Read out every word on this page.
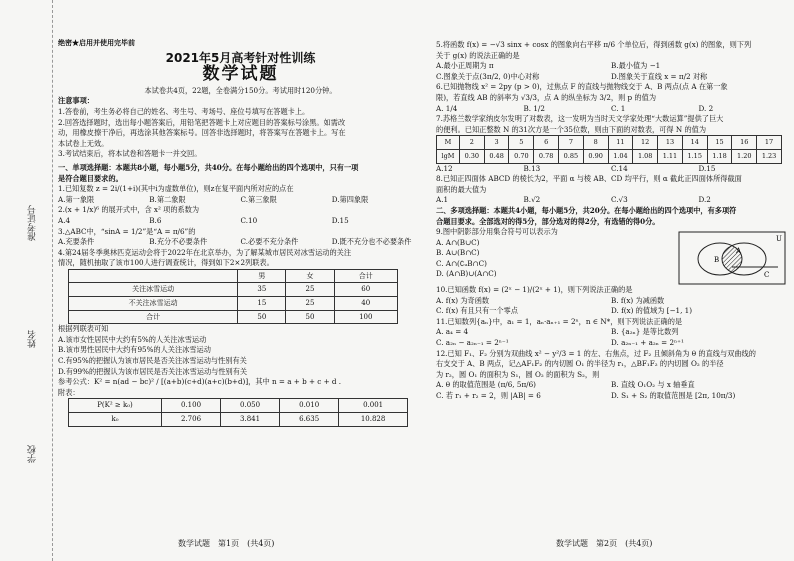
准考证号
姓名
学校

绝密★启用并使用完毕前

2021年5月高考针对性训练

数学试题

本试卷共4页，22题，全卷满分150分。考试用时120分钟。

注意事项：

1.答卷前，考生务必将自己的姓名、考生号、考场号、座位号填写在答题卡上。

2.回答选择题时，选出每小题答案后，用铅笔把答题卡上对应题目的答案标号涂黑。如需改

动，用橡皮擦干净后，再选涂其他答案标号。回答非选择题时，将答案写在答题卡上。写在

本试卷上无效。

3.考试结束后，将本试卷和答题卡一并交回。

一、单项选择题：本题共8小题，每小题5分，共40分。在每小题给出的四个选项中，只有一项

是符合题目要求的。

1.已知复数 z = 2i/(1+i)(其中i为虚数单位)，则z在复平面内所对应的点在

A.第一象限	B.第二象限	C.第三象限	D.第四象限

2.(x + 1/x)⁶ 的展开式中，含 x² 项的系数为

A.4	B.6	C.10	D.15

3.△ABC中，“sinA = 1/2”是“A = π/6”的

A.充要条件	B.充分不必要条件	C.必要不充分条件	D.既不充分也不必要条件

4.第24届冬季奥林匹克运动会将于2022年在北京举办，为了解某城市居民对冰雪运动的关注

情况，随机抽取了该市100人进行调查统计，得到如下2×2列联表。

	男	女	合计
关注冰雪运动	35	25	60
不关注冰雪运动	15	25	40
合计	50	50	100

根据列联表可知

A.该市女性居民中大约有5%的人关注冰雪运动

B.该市男性居民中大约有95%的人关注冰雪运动

C.有95%的把握认为该市居民是否关注冰雪运动与性别有关

D.有99%的把握认为该市居民是否关注冰雪运动与性别有关

参考公式：K² = n(ad − bc)² / [(a+b)(c+d)(a+c)(b+d)]，其中 n = a + b + c + d .

附表：

P(K² ≥ k₀)	0.100	0.050	0.010	0.001
k₀	2.706	3.841	6.635	10.828

5.将函数 f(x) = −√3 sinx + cosx 的图象向右平移 π/6 个单位后，得到函数 g(x) 的图象，则下列

关于 g(x) 的说法正确的是

A.最小正周期为 π	B.最小值为 −1
C.图象关于点(3π/2, 0)中心对称	D.图象关于直线 x = π/2 对称

6.已知抛物线 x² = 2py (p > 0)，过焦点 F 的直线与抛物线交于 A、B 两点(点 A 在第一象

限)，若直线 AB 的斜率为 √3/3，点 A 的纵坐标为 3/2，则 p 的值为

A. 1/4	B. 1/2	C. 1	D. 2

7.苏格兰数学家纳皮尔发明了对数表，这一发明为当时天文学家处理“大数运算”提供了巨大

的便利。已知正整数 N 的31次方是一个35位数，则由下面的对数表，可得 N 的值为

M	2	3	5	6	7	8	11	12	13	14	15	16	17
lgM	0.30	0.48	0.70	0.78	0.85	0.90	1.04	1.08	1.11	1.15	1.18	1.20	1.23
A.12	B.13	C.14	D.15

8.已知正四面体 ABCD 的棱长为2，平面 α 与棱 AB、CD 均平行，则 α 截此正四面体所得截面

面积的最大值为

A.1	B.√2	C.√3	D.2

二、多项选择题：本题共4小题，每小题5分，共20分。在每小题给出的四个选项中，有多项符

合题目要求。全部选对的得5分，部分选对的得2分，有选错的得0分。

9.图中阴影部分用集合符号可以表示为

A. A∩(B∪C)

B. A∪(B∩C)

C. A∩(∁ᵤB∩C)

D. (A∩B)∪(A∩C)

U
B
A
C

10.已知函数 f(x) = (2ˣ − 1)/(2ˣ + 1)，则下列说法正确的是

A. f(x) 为奇函数	B. f(x) 为减函数
C. f(x) 有且只有一个零点	D. f(x) 的值域为 [−1, 1)

11.已知数列{aₙ}中，a₁ = 1，aₙ·aₙ₊₁ = 2ⁿ，n ∈ N*，则下列说法正确的是

A. a₄ = 4	B. {a₂ₙ} 是等比数列
C. a₂ₙ − a₂ₙ₋₁ = 2ⁿ⁻¹	D. a₂ₙ₋₁ + a₂ₙ = 2ⁿ⁺¹

12.已知 F₁、F₂ 分别为双曲线 x² − y²/3 = 1 的左、右焦点，过 F₂ 且倾斜角为 θ 的直线与双曲线的

右支交于 A、B 两点，记△AF₁F₂ 的内切圆 O₁ 的半径为 r₁，△BF₁F₂ 的内切圆 O₂ 的半径

为 r₂，圆 O₁ 的面积为 S₁，圆 O₂ 的面积为 S₂，则

A. θ 的取值范围是 (π/6, 5π/6)	B. 直线 O₁O₂ 与 x 轴垂直
C. 若 r₁ + r₂ = 2，则 |AB| = 6	D. S₁ + S₂ 的取值范围是 [2π, 10π/3)
数学试题　第1页　(共4页)	数学试题　第2页　(共4页)
